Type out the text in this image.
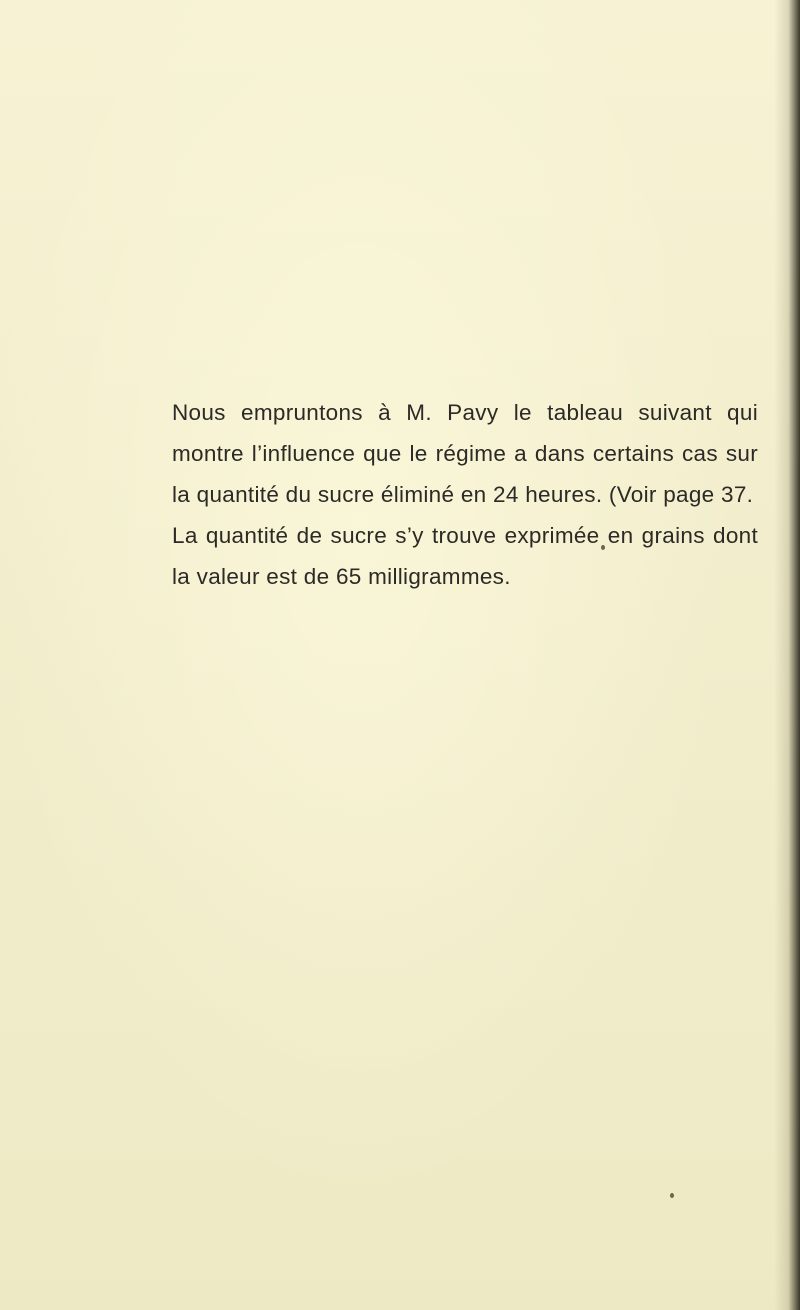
Nous empruntons à M. Pavy le tableau suivant qui montre l’influence que le régime a dans certains cas sur la quantité du sucre éliminé en 24 heures. (Voir page 37.

La quantité de sucre s’y trouve exprimée en grains dont la valeur est de 65 milligrammes.
